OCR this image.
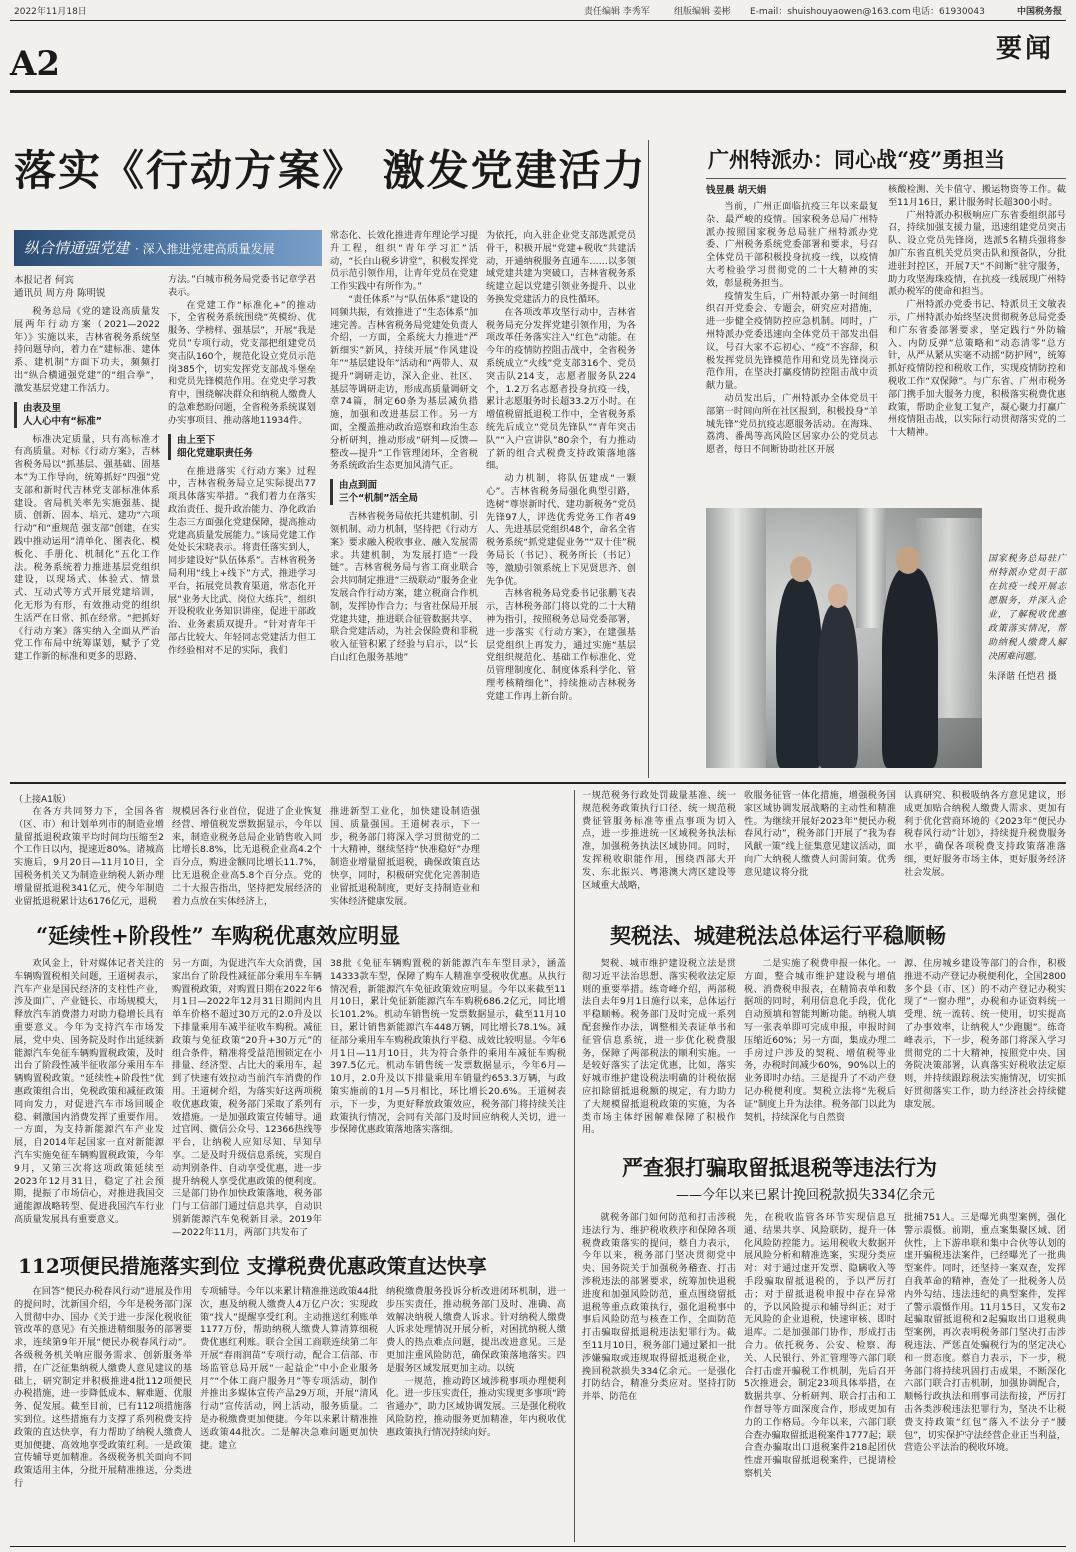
2022年11月18日	责任编辑 李秀军	组版编辑 姜彬 E-mail：shuishouyaowen@163.com 电话：61930043	中国税务报
A2	要闻
落实《行动方案》 激发党建活力
纵合情通强党建 · 深入推进党建高质量发展
本报记者 何宾
通讯员 周方舟 陈明锐

税务总局《党的建设高质量发展两年行动方案（2021—2022年）》实施以来，吉林省税务系统坚持问题导向，着力在“建标准、建体系、建机制”方面下功夫，频频打出“纵合横通强党建”的“组合拳”，激发基层党建工作活力。

由表及里
人人心中有“标准”

标准决定质量，只有高标准才有高质量。对标《行动方案》，吉林省税务局以“抓基层、强基础、固基本”为工作导向，统筹抓好“四强”党支部和新时代吉林党支部标准体系建设。省局机关率先实施强基、提质、创新、固本、培元、建功“六项行动”和“重规范 强支部”创建，在实践中推动运用“清单化、图表化、模板化、手册化、机制化”五化工作法。税务系统着力推进基层党组织建设，以现场式、体验式、情景式、互动式等方式开展党建培训，化无形为有形，有效推动党的组织生活严在日常、抓在经常。“把抓好《行动方案》落实纳入全面从严治党工作布局中统筹谋划，赋予了党建工作新的标准和更多的思路、

方法。”白城市税务局党委书记章学君表示。

在党建工作“标准化+”的推动下，全省税务系统围绕“英模纷、优服务、学榜样、强基层”，开展“我是党员”专项行动，党支部把组建党员突击队160个，规范化设立党员示范岗385个，切实发挥党支部战斗堡垒和党员先锋模范作用。在党史学习教育中，围绕解决群众和纳税人缴费人的急难愁盼问题，全省税务系统谋划办实事项目、推动落地11934件。

由上至下
细化党建职责任务

在推进落实《行动方案》过程中，吉林省税务局立足实际提出77项具体落实举措。“我们着力在落实政治责任、提升政治能力、净化政治生态三方面强化党建保障，提高推动党建高质量发展能力。”该局党建工作处处长宋晓表示。将责任落实到人，同步建设好“队伍体系”。吉林省税务局利用“线上+线下”方式，推进学习平台，拓展党员教育渠道，常态化开展“业务大比武、岗位大练兵”，组织开设税收业务知识讲座，促进干部政治、业务素质双提升。“针对青年干部占比较大、年轻同志党建活力但工作经验相对不足的实际，我们

常态化、长效化推进青年理论学习提升工程，组织“青年学习汇”活动，“长白山税乡讲堂”，积极发挥党员示范引领作用，让青年党员在党建工作实践中有所作为。”

“责任体系”与“队伍体系”建设的同频共振，有效推进了“生态体系”加速完善。吉林省税务局党建处负责人介绍，一方面，全系统大力推进“严新细实”新风，持续开展“作风建设年”“基层建设年”活动和“两带人、双提升”调研走访，深入企业、社区、基层等调研走访，形成高质量调研文章74篇，制定60条为基层减负措施，加强和改进基层工作。另一方面，全覆盖推动政治巡察和政治生态分析研判，推动形成“研判—反馈—整改—提升”工作管理闭环，全省税务系统政治生态更加风清气正。

由点到面
三个“机制”活全局

吉林省税务局依托共建机制、引领机制、动力机制，坚持把《行动方案》要求融入税收事业、融入发展需求。共建机制，为发展打造“一段链”。吉林省税务局与省工商业联合会共同制定推进“三级联动”服务企业发展合作行动方案，建立税商合作机制，发挥协作合力；与省社保局开展党建共建，推进联合征管数据共享、联合党建活动，为社会保险费和非税收入征管积累了经验与启示，以“长白山红色服务基地”

为依托，向入驻企业党支部选派党员骨干，积极开展“党建+税收”共建活动，开通纳税服务直通车……以多领域党建共建为突破口，吉林省税务系统建立起以党建引领业务提升、以业务换发党建活力的良性循环。

在各项改革攻坚行动中，吉林省税务局充分发挥党建引领作用，为各项改革任务落实注入“红色”动能。在今年的疫情防控阻击战中，全省税务系统成立“火线”党支部316个、党员突击队214支，志愿者服务队224个，1.2万名志愿者投身抗疫一线，累计志愿服务时长超33.2万小时。在增值税留抵退税工作中，全省税务系统先后成立“党员先锋队”“青年突击队”“入户宣讲队”80余个，有力推动了新的组合式税费支持政策落地落细。

动力机制，将队伍建成“一颗心”。吉林省税务局强化典型引路，选树“尊崇新时代、建功新税务”党员先锋97人，评选优秀党务工作者49人、先进基层党组织48个，命名全省税务系统“抓党建促业务”“双十佳”税务局长（书记）、税务所长（书记）等，激励引领系统上下见贤思齐、创先争优。

吉林省税务局党委书记张鹏飞表示，吉林税务部门将以党的二十大精神为指引，按照税务总局党委部署，进一步落实《行动方案》，在建强基层党组织上再发力，通过实施“基层党组织规范化、基础工作标准化、党员管理制度化、制度体系科学化、管理考核精细化”，持续推动吉林税务党建工作再上新台阶。

广州特派办：同心战“疫”勇担当
钱昱晨 胡天娟

当前，广州正面临抗疫三年以来最复杂、最严峻的疫情。国家税务总局广州特派办按照国家税务总局驻广州特派办党委、广州税务系统党委部署和要求，号召全体党员干部积极投身抗疫一线，以疫情大考检验学习贯彻党的二十大精神的实效，彰显税务担当。

疫情发生后，广州特派办第一时间组织召开党委会、专题会，研究应对措施，进一步健全疫情防控应急机制。同时，广州特派办党委迅速向全体党员干部发出倡议，号召大家不忘初心、“疫”不容辞，积极发挥党员先锋模范作用和党员先锋岗示范作用，在坚决打赢疫情防控阻击战中贡献力量。

动员发出后，广州特派办全体党员干部第一时间向所在社区报到，积极投身“羊城先锋”党员抗疫志愿服务活动。在海珠、荔湾、番禺等高风险区居家办公的党员志愿者，每日不间断协助社区开展

核酸检测、关卡值守、搬运物资等工作。截至11月16日，累计服务时长超300小时。

广州特派办积极响应广东省委组织部号召，持续加强支援力量，迅速组建党员突击队、设立党员先锋岗，选派5名精兵强将参加广东省直机关党员突击队和预备队，分批进驻封控区，开展7天“不间断”驻守服务，助力攻坚海珠疫情，在抗疫一线展现广州特派办税军的使命和担当。

广州特派办党委书记、特派员王文敏表示，广州特派办始终坚决贯彻税务总局党委和广东省委部署要求，坚定践行“外防输入、内防反弹”总策略和“动态清零”总方针，从严从紧从实毫不动摇“防护网”，统筹抓好疫情防控和税收工作，实现疫情防控和税收工作“双保障”。与广东省、广州市税务部门携手加大服务力度，积极落实税费优惠政策，帮助企业复工复产，凝心聚力打赢广州疫情阻击战，以实际行动贯彻落实党的二十大精神。

国家税务总局驻广州特派办党员干部在抗疫一线开展志愿服务，并深入企业，了解税收优惠政策落实情况，帮助纳税人缴费人解决困难问题。
朱泽谐 任恺君 摄
（上接A1版）

在各方共同努力下，全国各省（区、市）和计划单列市的制造业增量留抵退税政策平均时间均压缩至2个工作日以内，提速近80%。诸城高实施后，9月20日—11月10日，全国税务机关又为制造业纳税人新办理增量留抵退税341亿元，使今年制造业留抵退税累计达6176亿元，退税

规模居各行业首位，促进了企业恢复经营、增值税发票数据显示，今年以来，制造业税务总局企业销售收入同比增长8.8%，比无退税企业高4.2个百分点，购进金额同比增长11.7%，比无退税企业高5.8个百分点。党的二十大报告指出，坚持把发展经济的着力点放在实体经济上，

推进新型工业化，加快建设制造强国、质量强国。王道树表示，下一步，税务部门将深入学习贯彻党的二十大精神，继续坚持“快准稳好”办理制造业增量留抵退税，确保政策直达快享，同时，积极研究优化完善制造业留抵退税制度，更好支持制造业和实体经济健康发展。

一规范税务行政处罚裁量基准、统一规范税务政策执行口径、统一规范税费征管服务标准等重点事项为切入点，进一步推进统一区域税务执法标准，加强税务执法区域协同。同时，发挥税收职能作用，围绕西部大开发、东北振兴、粤港澳大湾区建设等区域重大战略，

收服务征管一体化措施，增强税务国家区域协调发展战略的主动性和精准性。为继续开展好2023年“便民办税春风行动”，税务部门开展了“我为春风献一策”线上征集意见建议活动，面向广大纳税人缴费人问需问策。优秀意见建议将分批

认真研究、积极吸纳各方意见建议，形成更加贴合纳税人缴费人需求、更加有利于优化营商环境的《2023年“便民办税春风行动”计划》，持续提升税费服务水平，确保各项税费支持政策落准落细，更好服务市场主体，更好服务经济社会发展。

“延续性+阶段性” 车购税优惠效应明显

欢风金上，针对媒体记者关注的车辆购置税相关问题，王道树表示，汽车产业是国民经济的支柱性产业，涉及面广、产业链长、市场规模大，释放汽车消费潜力对助力稳增长具有重要意义。今年为支持汽车市场发展，党中央、国务院及时作出延续新能源汽车免征车辆购置税政策，及时出台了阶段性减半征收部分乘用车车辆购置税政策。“延续性+阶段性”优惠政策组合出，免税政策和减征政策同向发力，对促进汽车市场回暖企稳、刺激国内消费发挥了重要作用。一方面，为支持新能源汽车产业发展，自2014年起国家一直对新能源汽车实施免征车辆购置税政策，今年9月，又第三次将这项政策延续至2023年12月31日，稳定了社会预期，提振了市场信心，对推进我国交通能源战略转型、促进我国汽车行业高质量发展具有重要意义。

另一方面，为促进汽车大众消费，国家出台了阶段性减征部分乘用车车辆购置税政策，对购置日期在2022年6月1日—2022年12月31日期间内且单车价格不超过30万元的2.0升及以下排量乘用车减半征收车购税。减征政策与免征政策“20升+30万元”的组合条件，精准将受益范围锁定在小排量、经济型、占比大的乘用车，起到了快速有效拉动当前汽车消费的作用。王道树介绍，为落实好这两项税收优惠政策，税务部门采取了系列有效措施。一是加强政策宣传辅导。通过官网、微信公众号、12366热线等平台，让纳税人应知尽知、早知早享。二是及时升级信息系统，实现自动判别条件、自动享受优惠，进一步提升纳税人享受优惠政策的便利度。三是部门协作加快政策落地，税务部门与工信部门通过信息共享，自动识别新能源汽车免税新目录。2019年—2022年11月，两部门共发布了

38批《免征车辆购置税的新能源汽车车型目录》，涵盖14333款车型，保障了购车人精准享受税收优惠。从执行情况看，新能源汽车免征政策效应明显。今年以来截至11月10日，累计免征新能源汽车车购税686.2亿元，同比增长101.2%。机动车销售统一发票数据显示，截至11月10日，累计销售新能源汽车448万辆，同比增长78.1%。减征部分乘用车车购税政策执行平稳、成效比较明显。今年6月1日—11月10日，共为符合条件的乘用车减征车购税397.5亿元。机动车销售统一发票数据显示，今年6月—10月，2.0升及以下排量乘用车销量约653.3万辆，与政策实施前的1月—5月相比，环比增长20.6%。王道树表示，下一步，为更好释放政策效应，税务部门将持续关注政策执行情况，会同有关部门及时回应纳税人关切，进一步保障优惠政策落地落实落细。

契税法、城建税法总体运行平稳顺畅

契税、城市维护建设税立法是贯彻习近平法治思想、落实税收法定原则的重要举措。练奇峰介绍，两部税法自去年9月1日施行以来，总体运行平稳顺畅。税务部门及时完成一系列配套操作办法，调整相关表证单书和征管信息系统，进一步优化税费服务，保障了两部税法的顺利实施。一是较好落实了法定优惠，比如，落实好城市维护建设税法明确的计税依据应扣除留抵退税额的规定，有力助力了大规模留抵退税政策的实施，为各类市场主体纾困解难保障了积极作用。

二是实施了税费申报一体化。一方面，整合城市维护建设税与增值税、消费税申报表，在精简表单和数据项的同时，利用信息化手段，优化自动预填和智能判断功能。纳税人填写一张表单即可完成申报，申报时间压缩近60%；另一方面，集成办理二手房过户涉及的契税、增值税等业务，办税时间减少60%，90%以上的业务即时办结。三是提升了不动产登记办税便利度。契税立法将“先税后证”制度上升为法律。税务部门以此为契机，持续深化与自然资

源、住房城乡建设等部门的合作，积极推进不动产登记办税便利化，全国2800多个县（市、区）的不动产登记办税实现了“一窗办理”，办税和办证资料统一受理、统一流转、统一使用，切实提高了办事效率，让纳税人“少跑腿”。练奇峰表示，下一步，税务部门将深入学习贯彻党的二十大精神，按照党中央、国务院决策部署，认真落实好税收法定原则，并持续跟踪税法实施情况，切实抓好贯彻落实工作，助力经济社会持续健康发展。

严查狠打骗取留抵退税等违法行为
——今年以来已累计挽回税款损失334亿余元

就税务部门如何防范和打击涉税违法行为、维护税收秩序和保障各项税费政策落实的提问，蔡自力表示，今年以来，税务部门坚决贯彻党中央、国务院关于加强税务稽查、打击涉税违法的部署要求，统筹加快退税进度和加强风险防范，重点围绕留抵退税等重点政策执行，强化退税事中事后风险防范与核查工作，全面防范打击骗取留抵退税违法犯罪行为。截至11月10日，税务部门通过紧扣一批涉嫌骗取或违规取得留抵退税企业，挽回税款损失334亿余元。一是强化打防结合，精准分类应对。坚持打防并举、防范在

先，在税收监管各环节实现信息互通、结果共享、风险联防，提升一体化风险防控能力。运用税收大数据开展风险分析和精准选案，实现分类应对：对于通过虚开发票、隐瞒收入等手段骗取留抵退税的，予以严厉打击；对于留抵退税申报中存在异常的，予以风险提示和辅导纠正；对于无风险的企业退税，快速审核、即时退库。二是加强部门协作，形成打击合力。依托税务、公安、检察、海关、人民银行、外汇管理等六部门联合打击虚开骗税工作机制，先后召开5次推进会，制定23项具体举措，在数据共享、分析研判、联合打击和工作督导等方面深度合作，形成更加有力的工作格局。今年以来，六部门联合查办骗取留抵退税案件1777起；联合查办骗取出口退税案件218起团伙性虚开骗取留抵退税案件，已提请检察机关

批捕751人。三是曝光典型案例，强化警示震慑。前期，重点案集聚区域、团伙性，上下游串联和集中合伙等认划的虚开骗税违法案件，已经曝光了一批典型案件。同时，还坚持一案双查，发挥自我革命的精神，查处了一批税务人员内外勾结、违法违纪的典型案件，发挥了警示震慑作用。11月15日，又发布2起骗取留抵退税和2起骗取出口退税典型案例，再次表明税务部门坚决打击涉税违法、严惩直处骗税行为的坚定决心和一贯态度。蔡自力表示，下一步，税务部门将持续巩固打击成果，不断深化六部门联合打击机制，加强协调配合，顺畅行政执法和刑事司法衔接，严厉打击各类涉税违法犯罪行为，坚决不让税费支持政策“红包”落入不法分子“腰包”，切实保护守法经营企业正当利益，营造公平法治的税收环境。

112项便民措施落实到位 支撑税费优惠政策直达快享

在回答“便民办税春风行动”进展及作用的提问时，沈新国介绍，今年是税务部门深入贯彻中办、国办《关于进一步深化税收征管改革的意见》有关推进精细服务的部署要求，连续第9年开展“便民办税春风行动”。各级税务机关响应服务需求、创新服务举措，在广泛征集纳税人缴费人意见建议的基础上，研究制定并积极推进4批112项便民办税措施，进一步降低成本、解难题、优服务、促发展。截至目前，已有112项措施落实到位。这些措施有力支撑了系列税费支持政策的直达快享，有力帮助了纳税人缴费人更加便捷、高效地享受政策红利。一是政策宣传辅导更加精准。各级税务机关面向不同政策适用主体，分批开展精准推送，分类进行

专项辅导。今年以来累计精准推送政策44批次，惠及纳税人缴费人4万亿户次；实现政策“找人”提醒享受红利。主动推送红利账单1177万份，帮助纳税人缴费人算清算细税费优惠红利账。联合全国工商联连续第二年开展“春雨润苗”专项行动，配合工信部、市场监管总局开展“一起益企”中小企业服务月”“个体工商户服务月”等专项活动，制作并推出多媒体宣传产品29万项，开展“清风行动”宣传活动，网上活动，服务质量。二是办税缴费更加便捷。今年以来累计精准推送政策44批次。二是解决急难问题更加快捷。建立

纳税缴费服务投诉分析改进闭环机制，进一步压实责任，推动税务部门及时、准确、高效解决纳税人缴费人诉求。针对纳税人缴费人诉求处理情况开展分析，对困扰纳税人缴费人的热点难点问题，提出改进意见。三是更加注重风险防范，确保政策落地落实。四是服务区域发展更加主动。以统

一规范，推动跨区域涉税事项办理便利化。进一步压实责任，推动实现更多事项“跨省通办”，助力区域协调发展。三是强化税收风险防控，推动服务更加精准，年内税收优惠政策执行情况持续向好。
